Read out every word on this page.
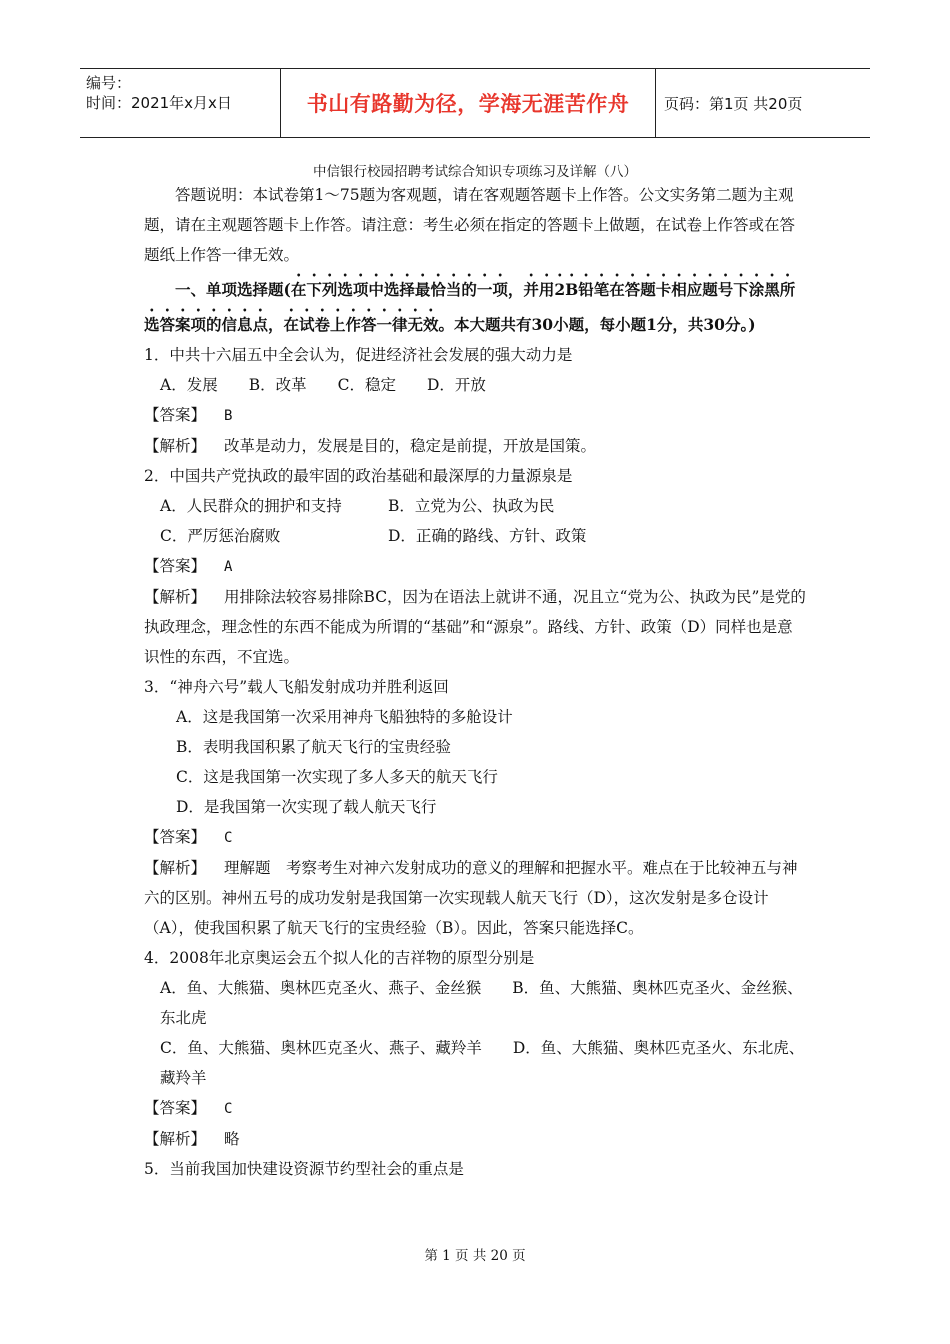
编号：
时间：2021年x月x日	书山有路勤为径，学海无涯苦作舟	页码：第1页 共20页
中信银行校园招聘考试综合知识专项练习及详解（八）

答题说明：本试卷第1～75题为客观题，请在客观题答题卡上作答。公文实务第二题为主观题，请在主观题答题卡上作答。请注意：考生必须在指定的答题卡上做题，在试卷上作答或在答题纸上作答一律无效。

一、单项选择题(在下列选项中选择最恰当的一项，并用2B铅笔在答题卡相应题号下涂黑所选答案项的信息点，在试卷上作答一律无效。本大题共有30小题，每小题1分，共30分。)

1．中共十六届五中全会认为，促进经济社会发展的强大动力是

A．发展　　B．改革　　C．稳定　　D．开放

【答案】 B

【解析】 改革是动力，发展是目的，稳定是前提，开放是国策。

2．中国共产党执政的最牢固的政治基础和最深厚的力量源泉是

A．人民群众的拥护和支持	B．立党为公、执政为民
C．严厉惩治腐败	D．正确的路线、方针、政策

【答案】 A

【解析】 用排除法较容易排除BC，因为在语法上就讲不通，况且立“党为公、执政为民”是党的执政理念，理念性的东西不能成为所谓的“基础”和“源泉”。路线、方针、政策（D）同样也是意识性的东西，不宜选。

3．“神舟六号”载人飞船发射成功并胜利返回

A．这是我国第一次采用神舟飞船独特的多舱设计

B．表明我国积累了航天飞行的宝贵经验

C．这是我国第一次实现了多人多天的航天飞行

D．是我国第一次实现了载人航天飞行

【答案】 C

【解析】 理解题　考察考生对神六发射成功的意义的理解和把握水平。难点在于比较神五与神六的区别。神州五号的成功发射是我国第一次实现载人航天飞行（D），这次发射是多仓设计（A），使我国积累了航天飞行的宝贵经验（B）。因此，答案只能选择C。

4．2008年北京奥运会五个拟人化的吉祥物的原型分别是

A．鱼、大熊猫、奥林匹克圣火、燕子、金丝猴　　B．鱼、大熊猫、奥林匹克圣火、金丝猴、东北虎

C．鱼、大熊猫、奥林匹克圣火、燕子、藏羚羊　　D．鱼、大熊猫、奥林匹克圣火、东北虎、藏羚羊

【答案】 C

【解析】 略

5．当前我国加快建设资源节约型社会的重点是

第 1 页 共 20 页
